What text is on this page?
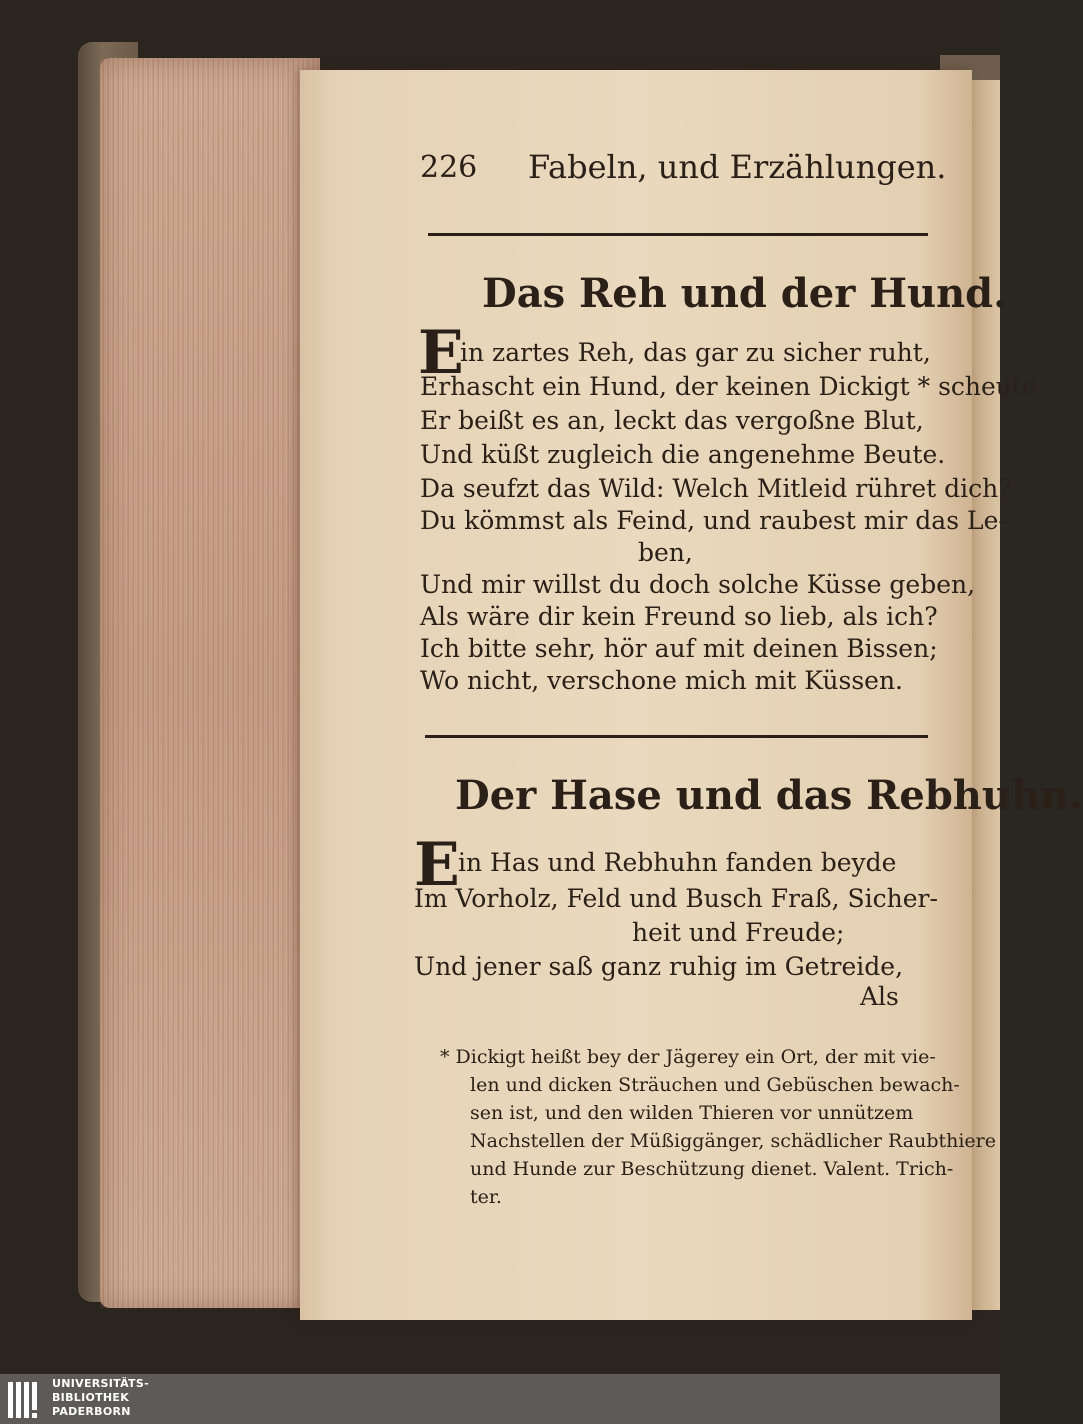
226 Fabeln, und Erzählungen.
Das Reh und der Hund.
E
in zartes Reh, das gar zu sicher ruht,
Erhascht ein Hund, der keinen Dickigt * scheute.
Er beißt es an, leckt das vergoßne Blut,
Und küßt zugleich die angenehme Beute.
Da seufzt das Wild: Welch Mitleid rühret dich?
Du kömmst als Feind, und raubest mir das Le-
ben,
Und mir willst du doch solche Küsse geben,
Als wäre dir kein Freund so lieb, als ich?
Ich bitte sehr, hör auf mit deinen Bissen;
Wo nicht, verschone mich mit Küssen.
Der Hase und das Rebhuhn.
E
in Has und Rebhuhn fanden beyde
Im Vorholz, Feld und Busch Fraß, Sicher-
heit und Freude;
Und jener saß ganz ruhig im Getreide,
Als
* Dickigt heißt bey der Jägerey ein Ort, der mit vie-
len und dicken Sträuchen und Gebüschen bewach-
sen ist, und den wilden Thieren vor unnützem
Nachstellen der Müßiggänger, schädlicher Raubthiere
und Hunde zur Beschützung dienet. Valent. Trich-
ter.
UNIVERSITÄTS-
BIBLIOTHEK
PADERBORN
